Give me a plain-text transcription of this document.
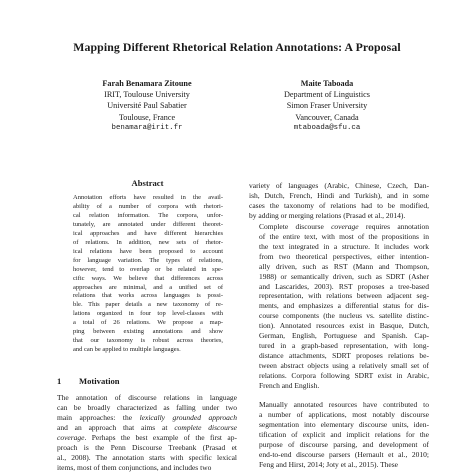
Mapping Different Rhetorical Relation Annotations: A Proposal
Farah Benamara Zitoune
IRIT, Toulouse University
Université Paul Sabatier
Toulouse, France
benamara@irit.fr
Maite Taboada
Department of Linguistics
Simon Fraser University
Vancouver, Canada
mtaboada@sfu.ca
Abstract
Annotation efforts have resulted in the avail-
ability of a number of corpora with rhetori-
cal relation information. The corpora, unfor-
tunately, are annotated under different theoret-
ical approaches and have different hierarchies
of relations. In addition, new sets of rhetor-
ical relations have been proposed to account
for language variation. The types of relations,
however, tend to overlap or be related in spe-
cific ways. We believe that differences across
approaches are minimal, and a unified set of
relations that works across languages is possi-
ble. This paper details a new taxonomy of re-
lations organized in four top level-classes with
a total of 26 relations. We propose a map-
ping between existing annotations and show
that our taxonomy is robust across theories,
and can be applied to multiple languages.
1 Motivation
The annotation of discourse relations in language
can be broadly characterized as falling under two
main approaches: the lexically grounded approach
and an approach that aims at complete discourse
coverage. Perhaps the best example of the first ap-
proach is the Penn Discourse Treebank (Prasad et
al., 2008). The annotation starts with specific lexical
items, most of them conjunctions, and includes two

variety of languages (Arabic, Chinese, Czech, Dan-
ish, Dutch, French, Hindi and Turkish), and in some
cases the taxonomy of relations had to be modified,
by adding or merging relations (Prasad et al., 2014).

Complete discourse coverage requires annotation
of the entire text, with most of the propositions in
the text integrated in a structure. It includes work
from two theoretical perspectives, either intention-
ally driven, such as RST (Mann and Thompson,
1988) or semantically driven, such as SDRT (Asher
and Lascarides, 2003). RST proposes a tree-based
representation, with relations between adjacent seg-
ments, and emphasizes a differential status for dis-
course components (the nucleus vs. satellite distinc-
tion). Annotated resources exist in Basque, Dutch,
German, English, Portuguese and Spanish. Cap-
tured in a graph-based representation, with long-
distance attachments, SDRT proposes relations be-
tween abstract objects using a relatively small set of
relations. Corpora following SDRT exist in Arabic,
French and English.

Manually annotated resources have contributed to
a number of applications, most notably discourse
segmentation into elementary discourse units, iden-
tification of explicit and implicit relations for the
purpose of discourse parsing, and development of
end-to-end discourse parsers (Hernault et al., 2010;
Feng and Hirst, 2014; Joty et al., 2015). These
